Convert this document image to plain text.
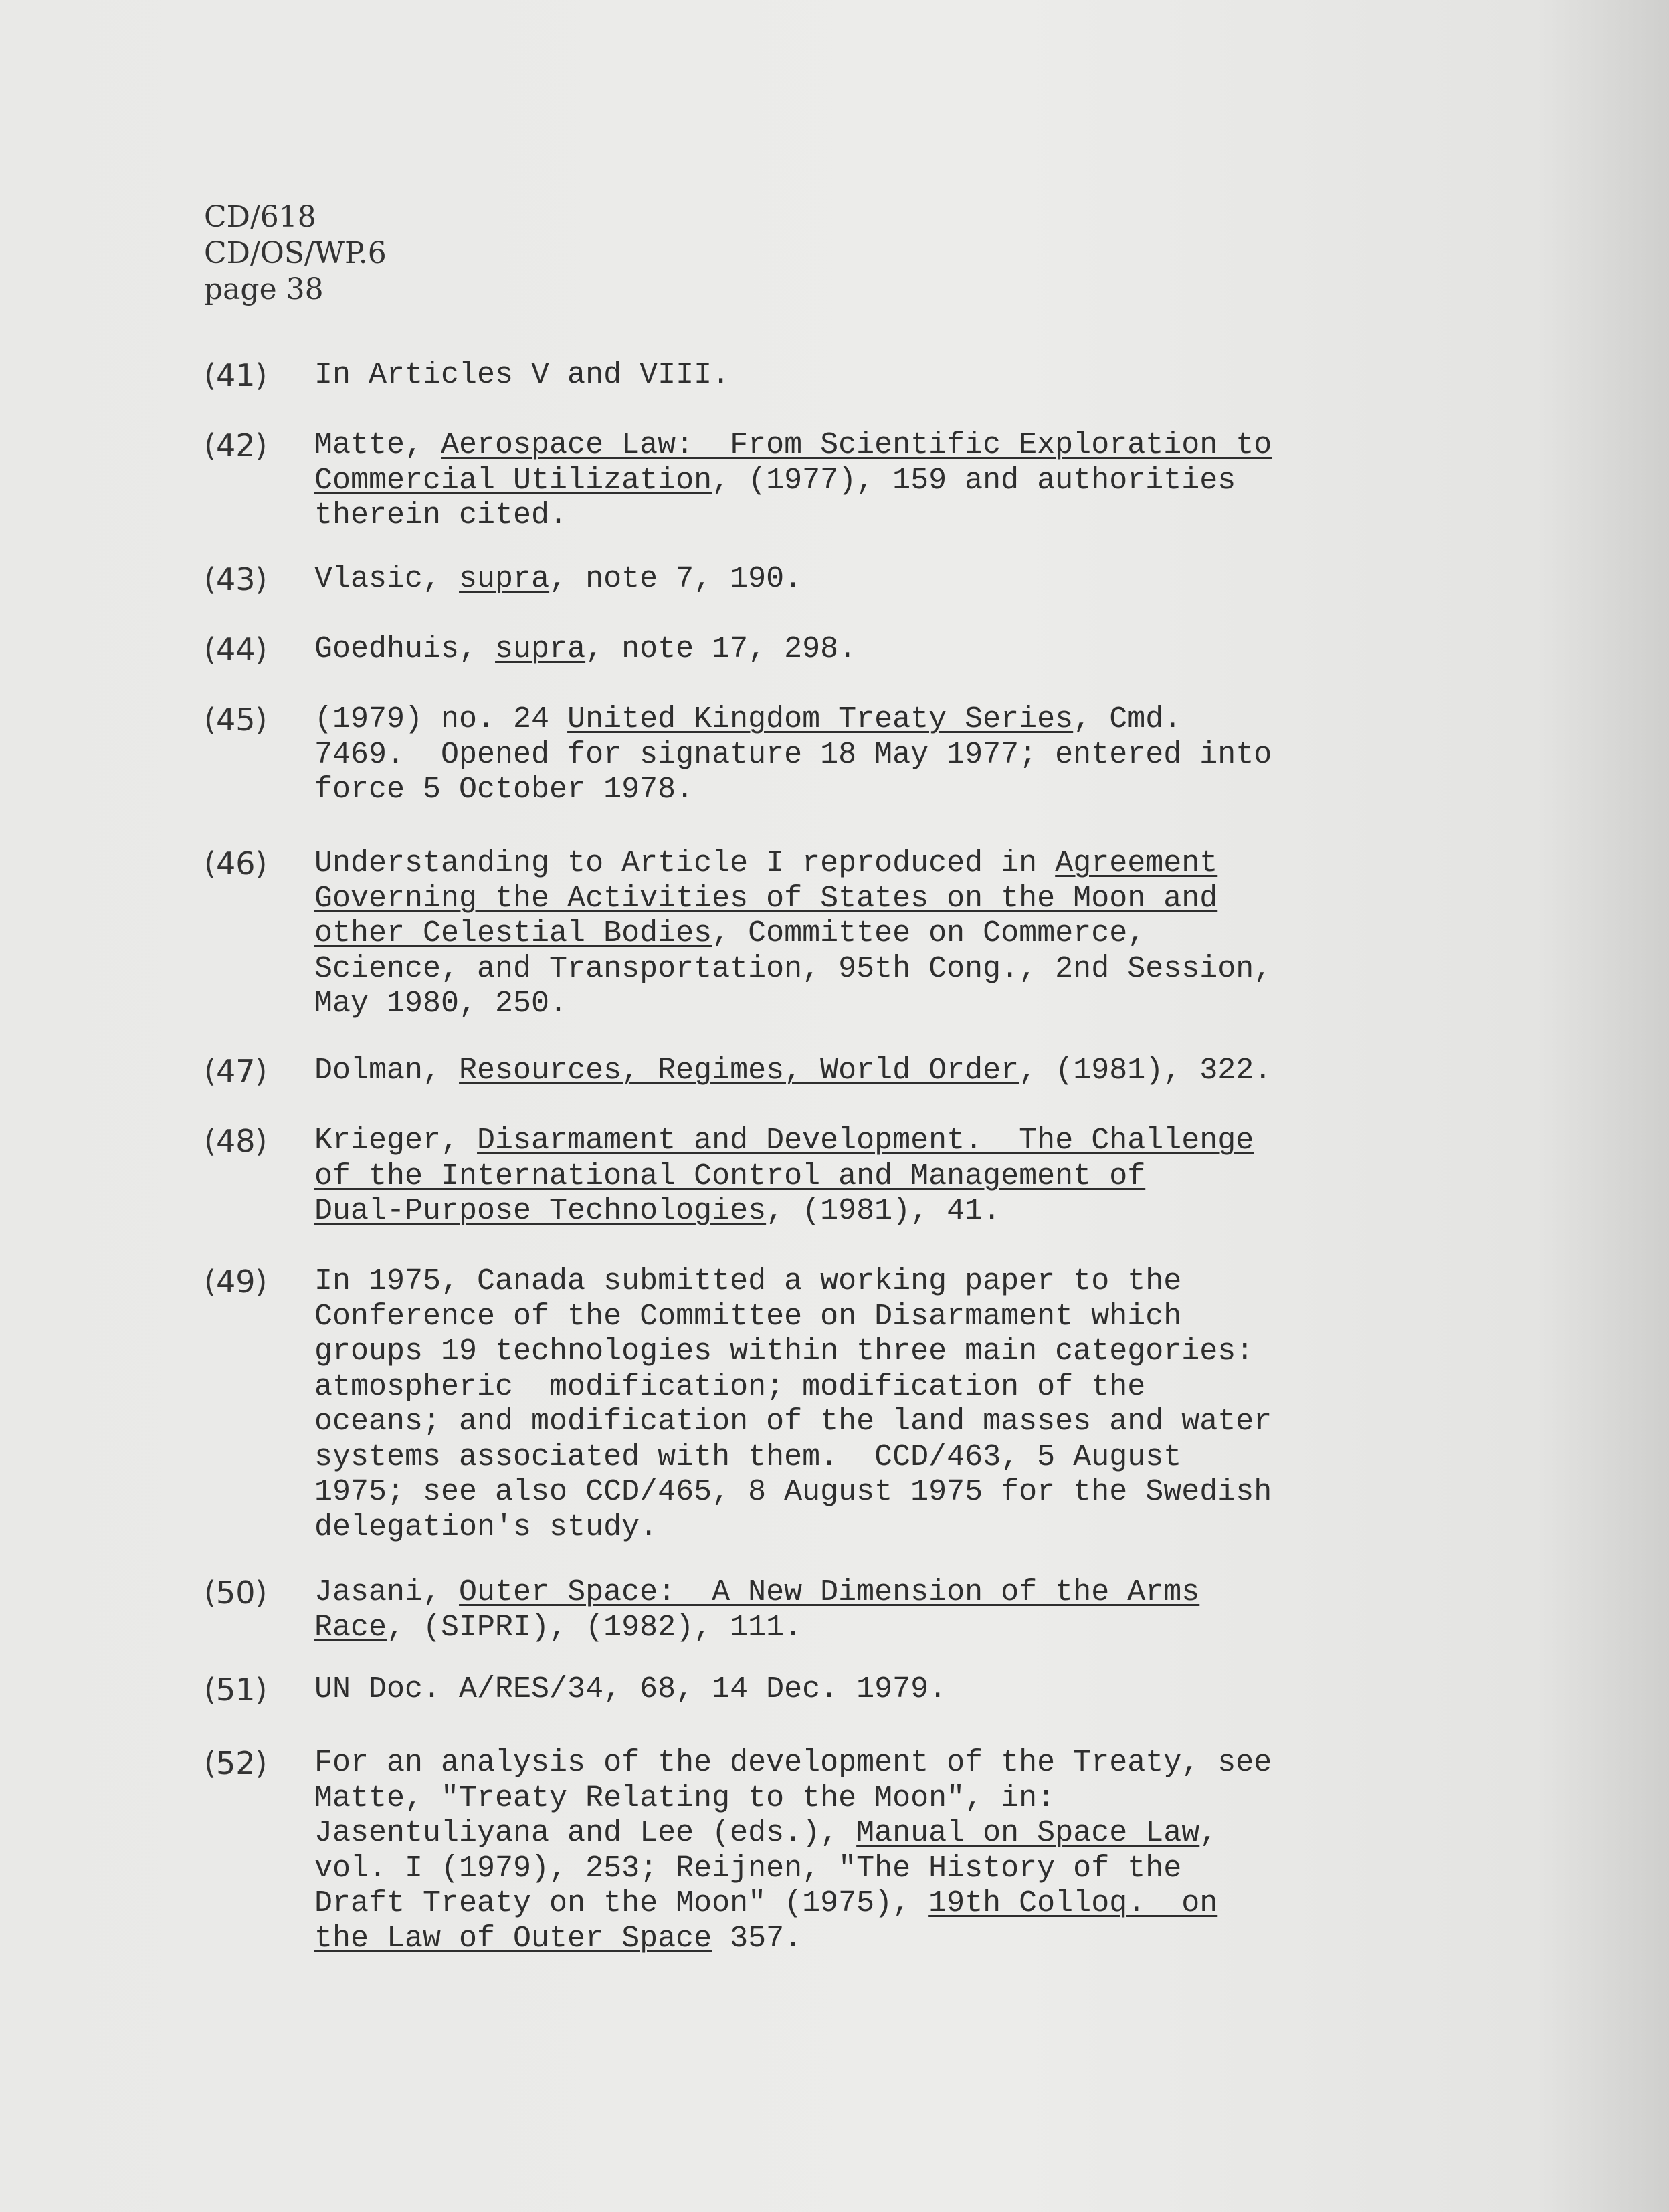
CD/618
CD/OS/WP.6
page 38
(41) In Articles V and VIII.
(42) Matte, Aerospace Law:  From Scientific Exploration to
Commercial Utilization, (1977), 159 and authorities
therein cited.
(43) Vlasic, supra, note 7, 190.
(44) Goedhuis, supra, note 17, 298.
(45) (1979) no. 24 United Kingdom Treaty Series, Cmd.
7469.  Opened for signature 18 May 1977; entered into
force 5 October 1978.
(46) Understanding to Article I reproduced in Agreement
Governing the Activities of States on the Moon and
other Celestial Bodies, Committee on Commerce,
Science, and Transportation, 95th Cong., 2nd Session,
May 1980, 250.
(47) Dolman, Resources, Regimes, World Order, (1981), 322.
(48) Krieger, Disarmament and Development.  The Challenge
of the International Control and Management of
Dual-Purpose Technologies, (1981), 41.
(49) In 1975, Canada submitted a working paper to the
Conference of the Committee on Disarmament which
groups 19 technologies within three main categories:
atmospheric  modification; modification of the
oceans; and modification of the land masses and water
systems associated with them.  CCD/463, 5 August
1975; see also CCD/465, 8 August 1975 for the Swedish
delegation's study.
(50) Jasani, Outer Space:  A New Dimension of the Arms
Race, (SIPRI), (1982), 111.
(51) UN Doc. A/RES/34, 68, 14 Dec. 1979.
(52) For an analysis of the development of the Treaty, see
Matte, "Treaty Relating to the Moon", in:
Jasentuliyana and Lee (eds.), Manual on Space Law,
vol. I (1979), 253; Reijnen, "The History of the
Draft Treaty on the Moon" (1975), 19th Colloq.  on
the Law of Outer Space 357.
